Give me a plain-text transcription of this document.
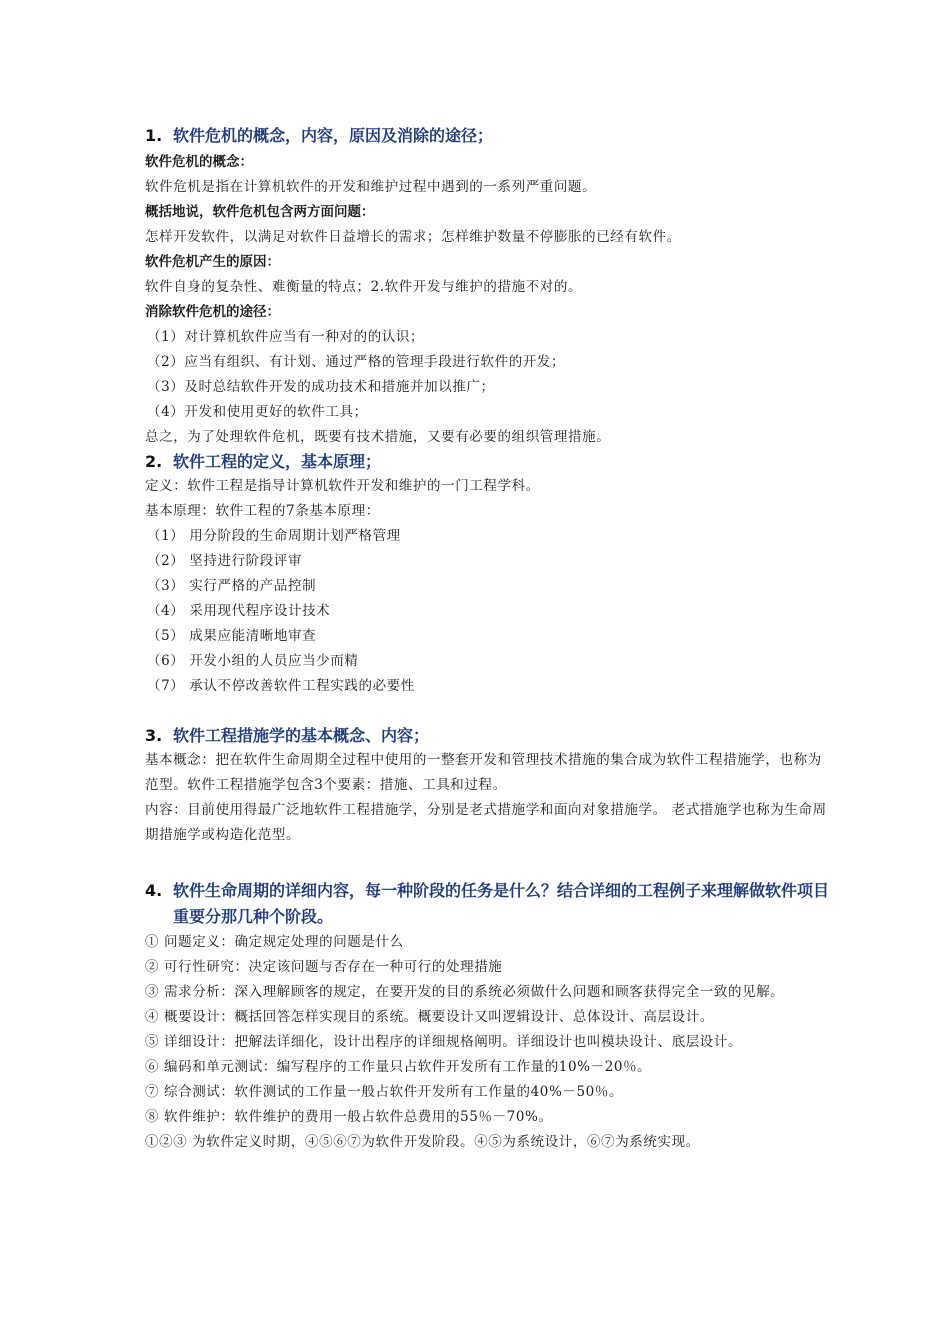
1. 软件危机的概念，内容，原因及消除的途径；

软件危机的概念：

软件危机是指在计算机软件的开发和维护过程中遇到的一系列严重问题。

概括地说，软件危机包含两方面问题：

怎样开发软件，以满足对软件日益增长的需求；怎样维护数量不停膨胀的已经有软件。

软件危机产生的原因：

软件自身的复杂性、难衡量的特点；2.软件开发与维护的措施不对的。

消除软件危机的途径：

（1）对计算机软件应当有一种对的的认识；

（2）应当有组织、有计划、通过严格的管理手段进行软件的开发；

（3）及时总结软件开发的成功技术和措施并加以推广；

（4）开发和使用更好的软件工具；

总之，为了处理软件危机，既要有技术措施，又要有必要的组织管理措施。

2. 软件工程的定义，基本原理；

定义：软件工程是指导计算机软件开发和维护的一门工程学科。

基本原理：软件工程的7条基本原理：

（1） 用分阶段的生命周期计划严格管理

（2） 坚持进行阶段评审

（3） 实行严格的产品控制

（4） 采用现代程序设计技术

（5） 成果应能清晰地审查

（6） 开发小组的人员应当少而精

（7） 承认不停改善软件工程实践的必要性

3. 软件工程措施学的基本概念、内容；

基本概念：把在软件生命周期全过程中使用的一整套开发和管理技术措施的集合成为软件工程措施学，也称为范型。软件工程措施学包含3个要素：措施、工具和过程。

内容：目前使用得最广泛地软件工程措施学，分别是老式措施学和面向对象措施学。 老式措施学也称为生命周期措施学或构造化范型。

4. 软件生命周期的详细内容，每一种阶段的任务是什么？结合详细的工程例子来理解做软件项目重要分那几种个阶段。

① 问题定义：确定规定处理的问题是什么

② 可行性研究：决定该问题与否存在一种可行的处理措施

③ 需求分析：深入理解顾客的规定，在要开发的目的系统必须做什么问题和顾客获得完全一致的见解。

④ 概要设计：概括回答怎样实现目的系统。概要设计又叫逻辑设计、总体设计、高层设计。

⑤ 详细设计：把解法详细化，设计出程序的详细规格阐明。详细设计也叫模块设计、底层设计。

⑥ 编码和单元测试：编写程序的工作量只占软件开发所有工作量的10%－20％。

⑦ 综合测试：软件测试的工作量一般占软件开发所有工作量的40%－50％。

⑧ 软件维护：软件维护的费用一般占软件总费用的55％－70%。

①②③ 为软件定义时期，④⑤⑥⑦为软件开发阶段。④⑤为系统设计，⑥⑦为系统实现。
